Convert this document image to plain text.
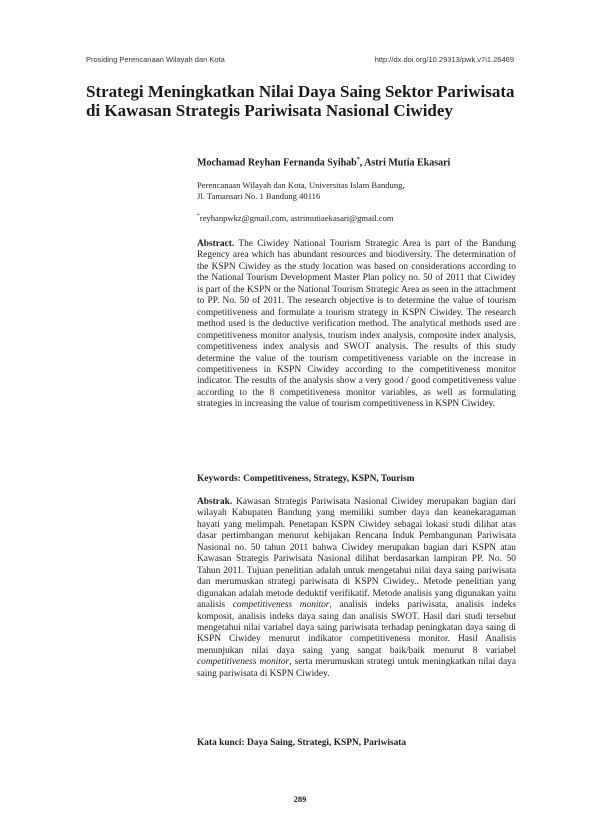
Prosiding Perencanaan Wilayah dan Kota	http://dx.doi.org/10.29313/pwk.v7i1.26469
Strategi Meningkatkan Nilai Daya Saing Sektor Pariwisata di Kawasan Strategis Pariwisata Nasional Ciwidey
Mochamad Reyhan Fernanda Syihab*, Astri Mutia Ekasari
Perencanaan Wilayah dan Kota, Universitas Islam Bandung,
Jl. Tamansari No. 1 Bandung 40116
*reyhanpwkz@gmail.com, astrimutiaekasari@gmail.com

Abstract. The Ciwidey National Tourism Strategic Area is part of the Bandung Regency area which has abundant resources and biodiversity. The determination of the KSPN Ciwidey as the study location was based on considerations according to the National Tourism Development Master Plan policy no. 50 of 2011 that Ciwidey is part of the KSPN or the National Tourism Strategic Area as seen in the attachment to PP. No. 50 of 2011. The research objective is to determine the value of tourism competitiveness and formulate a tourism strategy in KSPN Ciwidey. The research method used is the deductive verification method. The analytical methods used are competitiveness monitor analysis, tourism index analysis, composite index analysis, competitiveness index analysis and SWOT analysis. The results of this study determine the value of the tourism competitiveness variable on the increase in competitiveness in KSPN Ciwidey according to the competitiveness monitor indicator. The results of the analysis show a very good / good competitiveness value according to the 8 competitiveness monitor variables, as well as formulating strategies in increasing the value of tourism competitiveness in KSPN Ciwidey.

Keywords: Competitiveness, Strategy, KSPN, Tourism

Abstrak. Kawasan Strategis Pariwisata Nasional Ciwidey merupakan bagian dari wilayah Kabupaten Bandung yang memiliki sumber daya dan keanekaragaman hayati yang melimpah. Penetapan KSPN Ciwidey sebagai lokasi studi dilihat atas dasar pertimbangan menurut kebijakan Rencana Induk Pembangunan Pariwisata Nasional no. 50 tahun 2011 bahwa Ciwidey merupakan bagian dari KSPN atau Kawasan Strategis Pariwisata Nasional dilihat berdasarkan lampiran PP. No. 50 Tahun 2011. Tujuan penelitian adalah untuk mengetahui nilai daya saing pariwisata dan merumuskan strategi pariwisata di KSPN Ciwidey.. Metode penelitian yang digunakan adalah metode deduktif verifikatif. Metode analisis yang digunakan yaitu analisis competitiveness monitor, analisis indeks pariwisata, analisis indeks komposit, analisis indeks daya saing dan analisis SWOT. Hasil dari studi tersebut mengetahui nilai variabel daya saing pariwisata terhadap peningkatan daya saing di KSPN Ciwidey menurut indikator competitiveness monitor. Hasil Analisis menunjukan nilai daya saing yang sangat baik/baik menurut 8 variabel competitiveness monitor, serta merumuskan strategi untuk meningkatkan nilai daya saing pariwisata di KSPN Ciwidey.

Kata kunci: Daya Saing, Strategi, KSPN, Pariwisata
289
